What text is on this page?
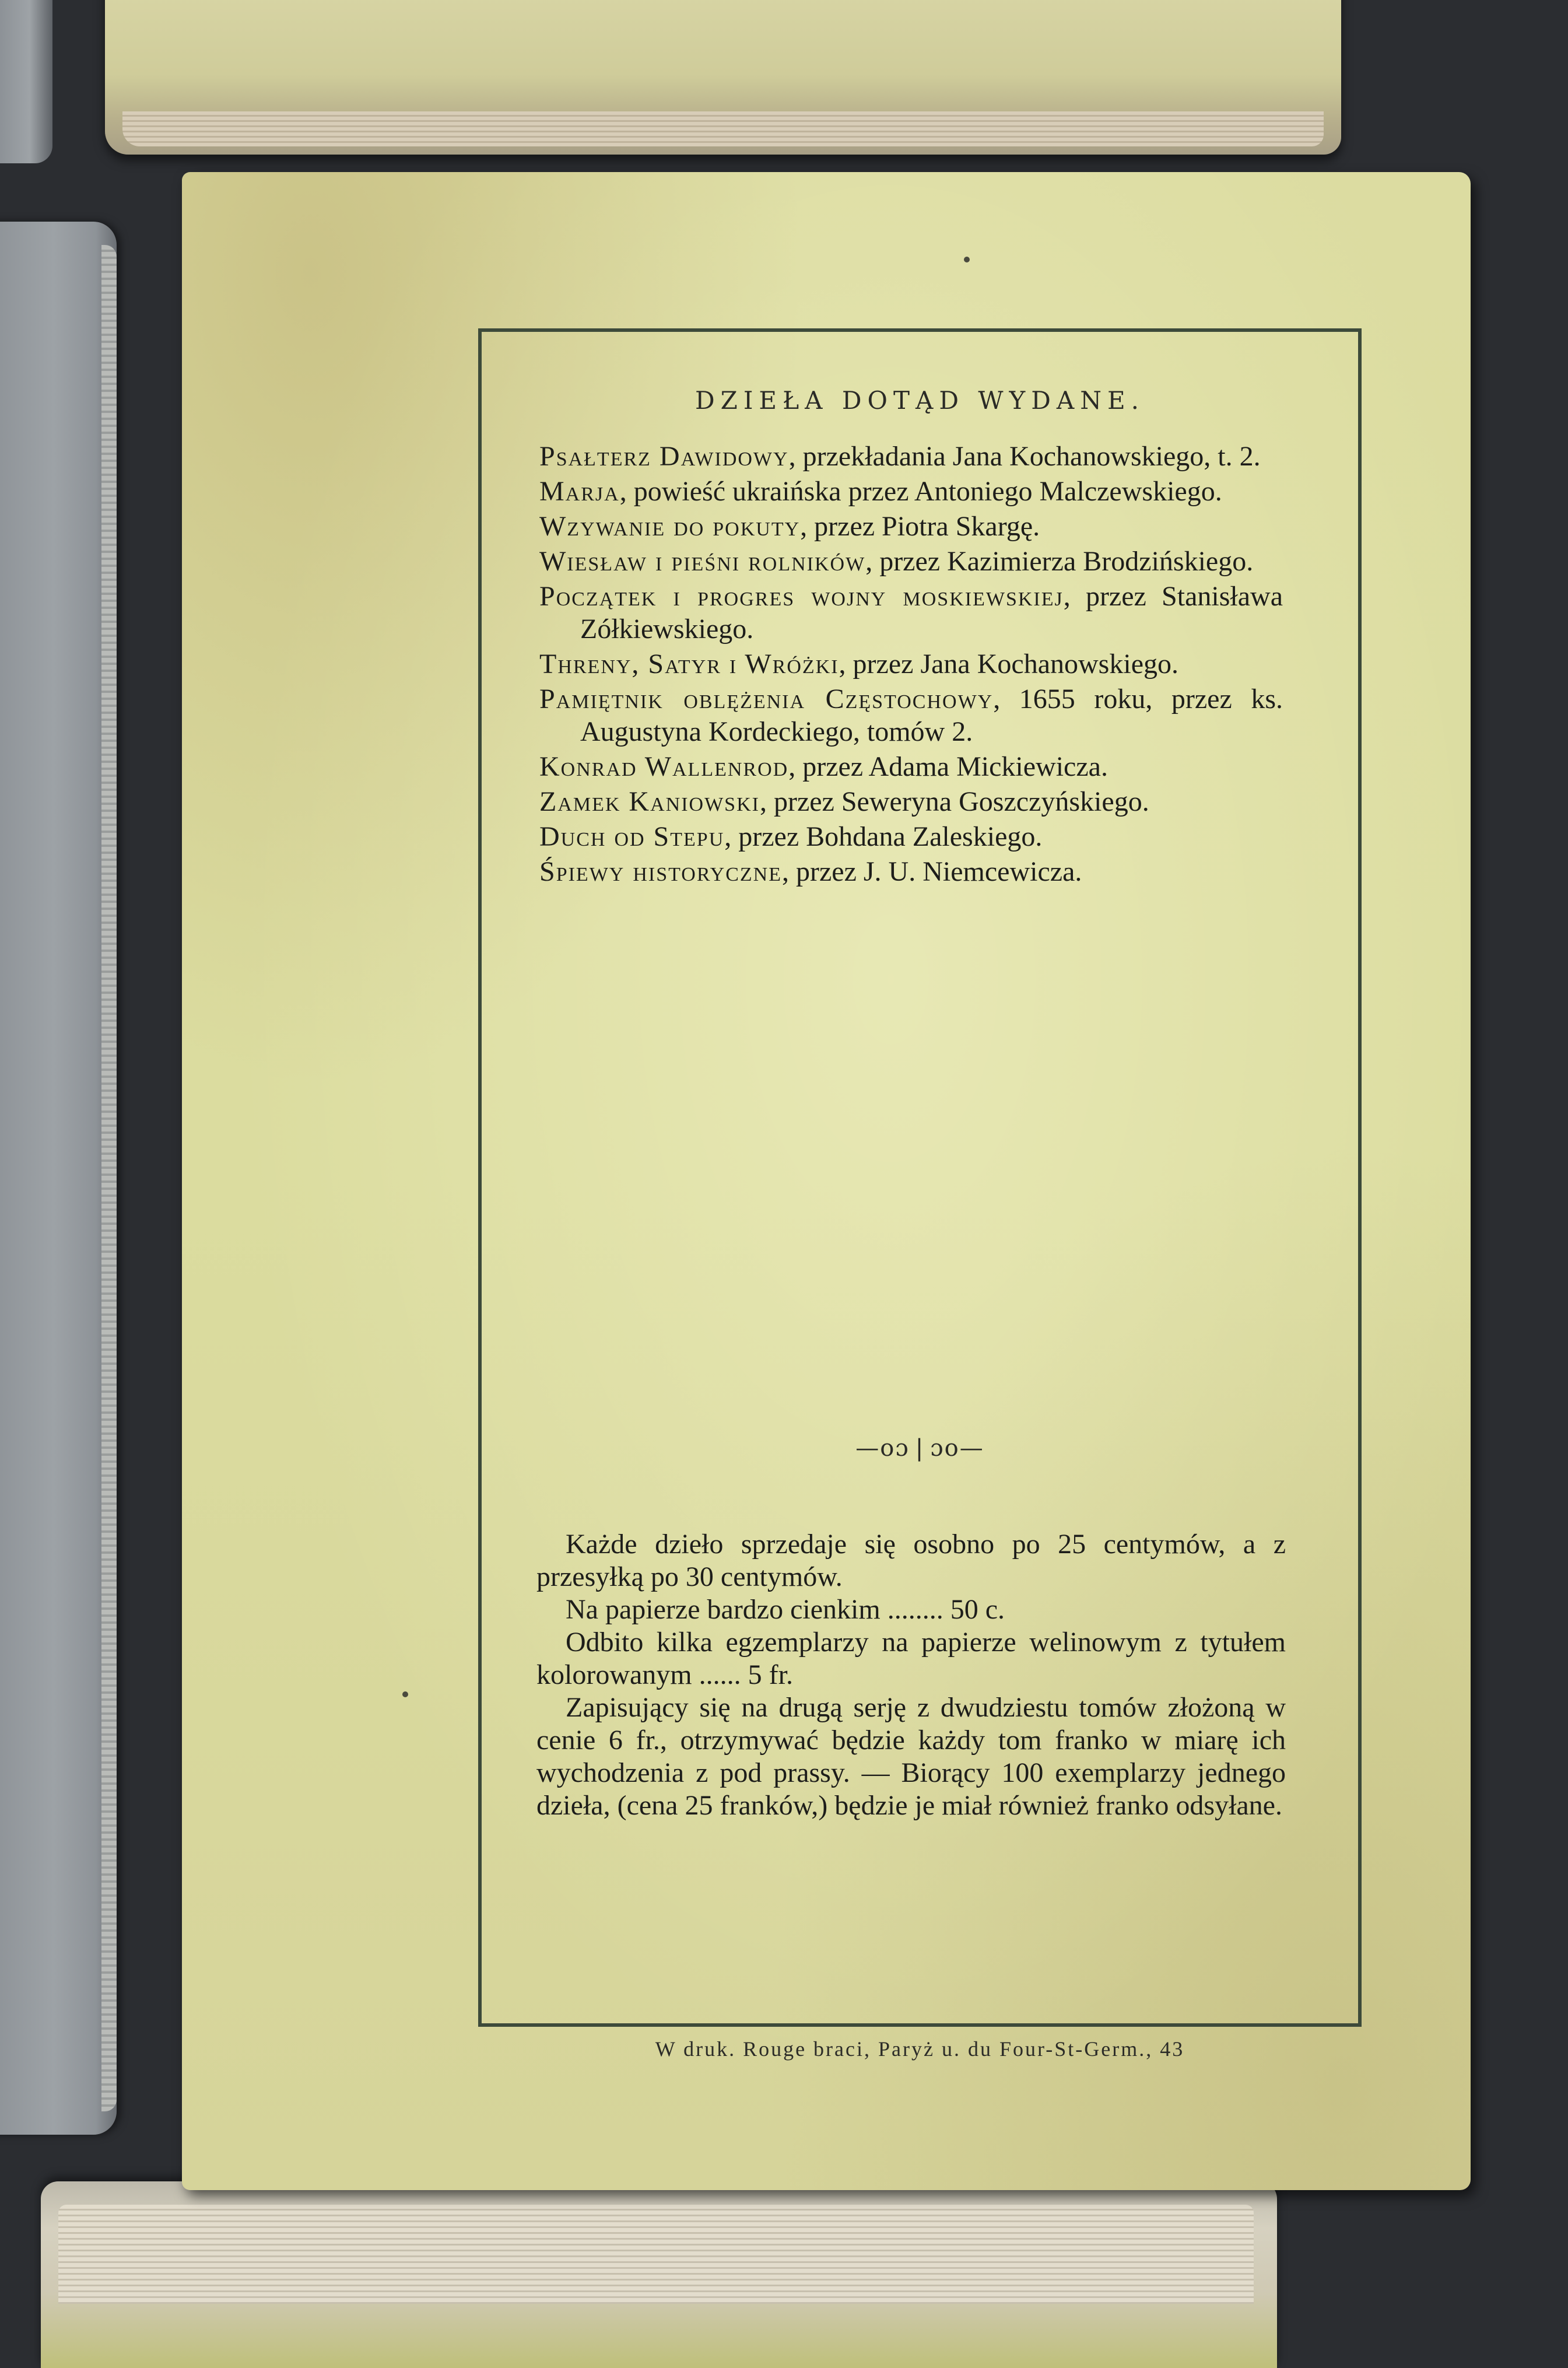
DZIEŁA DOTĄD WYDANE.
Psałterz Dawidowy, przekładania Jana Kochanowskiego, t. 2.
Marja, powieść ukraińska przez Antoniego Malczewskiego.
Wzywanie do pokuty, przez Piotra Skargę.
Wiesław i pieśni rolników, przez Kazimierza Brodzińskiego.
Początek i progres wojny moskiewskiej, przez Stanisława Zółkiewskiego.
Threny, Satyr i Wróżki, przez Jana Kochanowskiego.
Pamiętnik oblężenia Częstochowy, 1655 roku, przez ks. Augustyna Kordeckiego, tomów 2.
Konrad Wallenrod, przez Adama Mickiewicza.
Zamek Kaniowski, przez Seweryna Goszczyńskiego.
Duch od Stepu, przez Bohdana Zaleskiego.
Śpiewy historyczne, przez J. U. Niemcewicza.
—oɔ❘ɔo—
Każde dzieło sprzedaje się osobno po 25 centymów, a z przesyłką po 30 centymów.
Na papierze bardzo cienkim ........ 50 c.
Odbito kilka egzemplarzy na papierze welinowym z tytułem kolorowanym ...... 5 fr.
Zapisujący się na drugą serję z dwudziestu tomów złożoną w cenie 6 fr., otrzymywać będzie każdy tom franko w miarę ich wychodzenia z pod prassy. — Biorący 100 exemplarzy jednego dzieła, (cena 25 franków,) będzie je miał również franko odsyłane.
W druk. Rouge braci, Paryż u. du Four-St-Germ., 43
